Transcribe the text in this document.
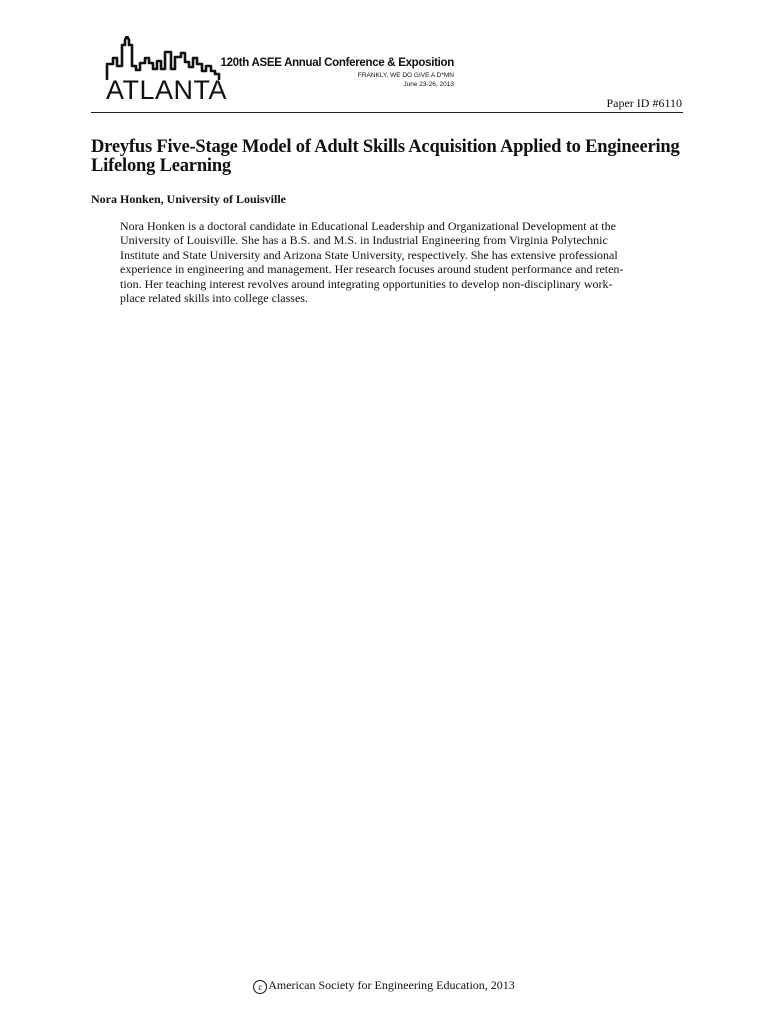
ATLANTA
120th ASEE Annual Conference & Exposition
FRANKLY, WE DO GIVE A D*MN
June 23-26, 2013
Paper ID #6110
Dreyfus Five-Stage Model of Adult Skills Acquisition Applied to Engineering Lifelong Learning
Nora Honken, University of Louisville

Nora Honken is a doctoral candidate in Educational Leadership and Organizational Development at the
University of Louisville. She has a B.S. and M.S. in Industrial Engineering from Virginia Polytechnic
Institute and State University and Arizona State University, respectively. She has extensive professional
experience in engineering and management. Her research focuses around student performance and reten-
tion. Her teaching interest revolves around integrating opportunities to develop non-disciplinary work-
place related skills into college classes.

c American Society for Engineering Education, 2013
